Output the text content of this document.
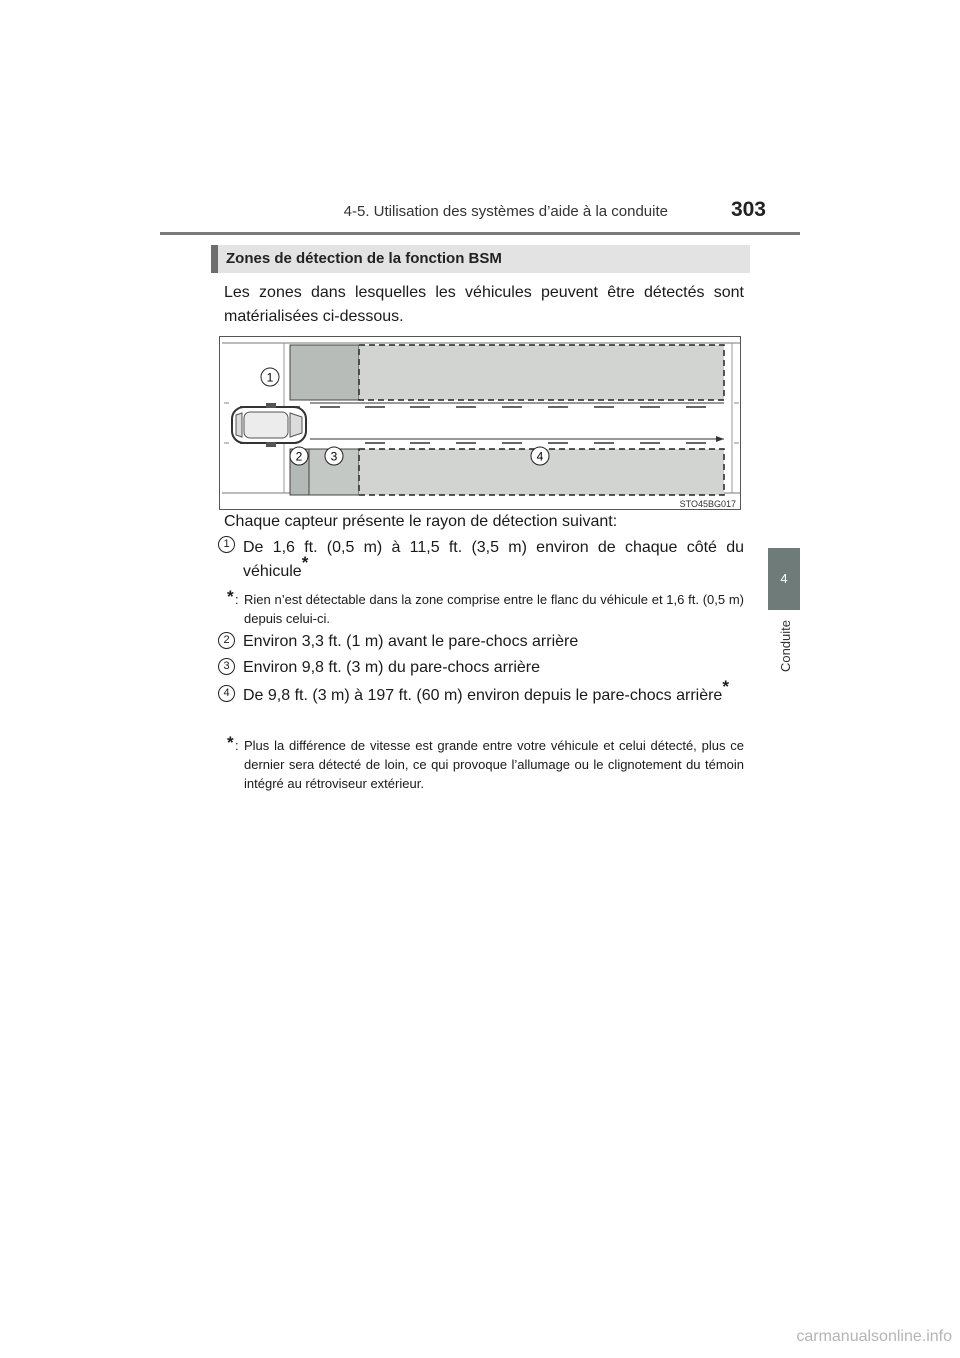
4-5. Utilisation des systèmes d’aide à la conduite	303
4
Conduite
Zones de détection de la fonction BSM
Les zones dans lesquelles les véhicules peuvent être détectés sont matérialisées ci-dessous.
1
2 3	4
STO45BG017
Chaque capteur présente le rayon de détection suivant:
1 De 1,6 ft. (0,5 m) à 11,5 ft. (3,5 m) environ de chaque côté du véhicule*
* : Rien n’est détectable dans la zone comprise entre le flanc du véhicule et 1,6 ft. (0,5 m) depuis celui-ci.
2 Environ 3,3 ft. (1 m) avant le pare-chocs arrière
3 Environ 9,8 ft. (3 m) du pare-chocs arrière
4 De 9,8 ft. (3 m) à 197 ft. (60 m) environ depuis le pare-chocs arrière*
* : Plus la différence de vitesse est grande entre votre véhicule et celui détecté, plus ce dernier sera détecté de loin, ce qui provoque l’allumage ou le clignotement du témoin intégré au rétroviseur extérieur.
carmanualsonline.info
